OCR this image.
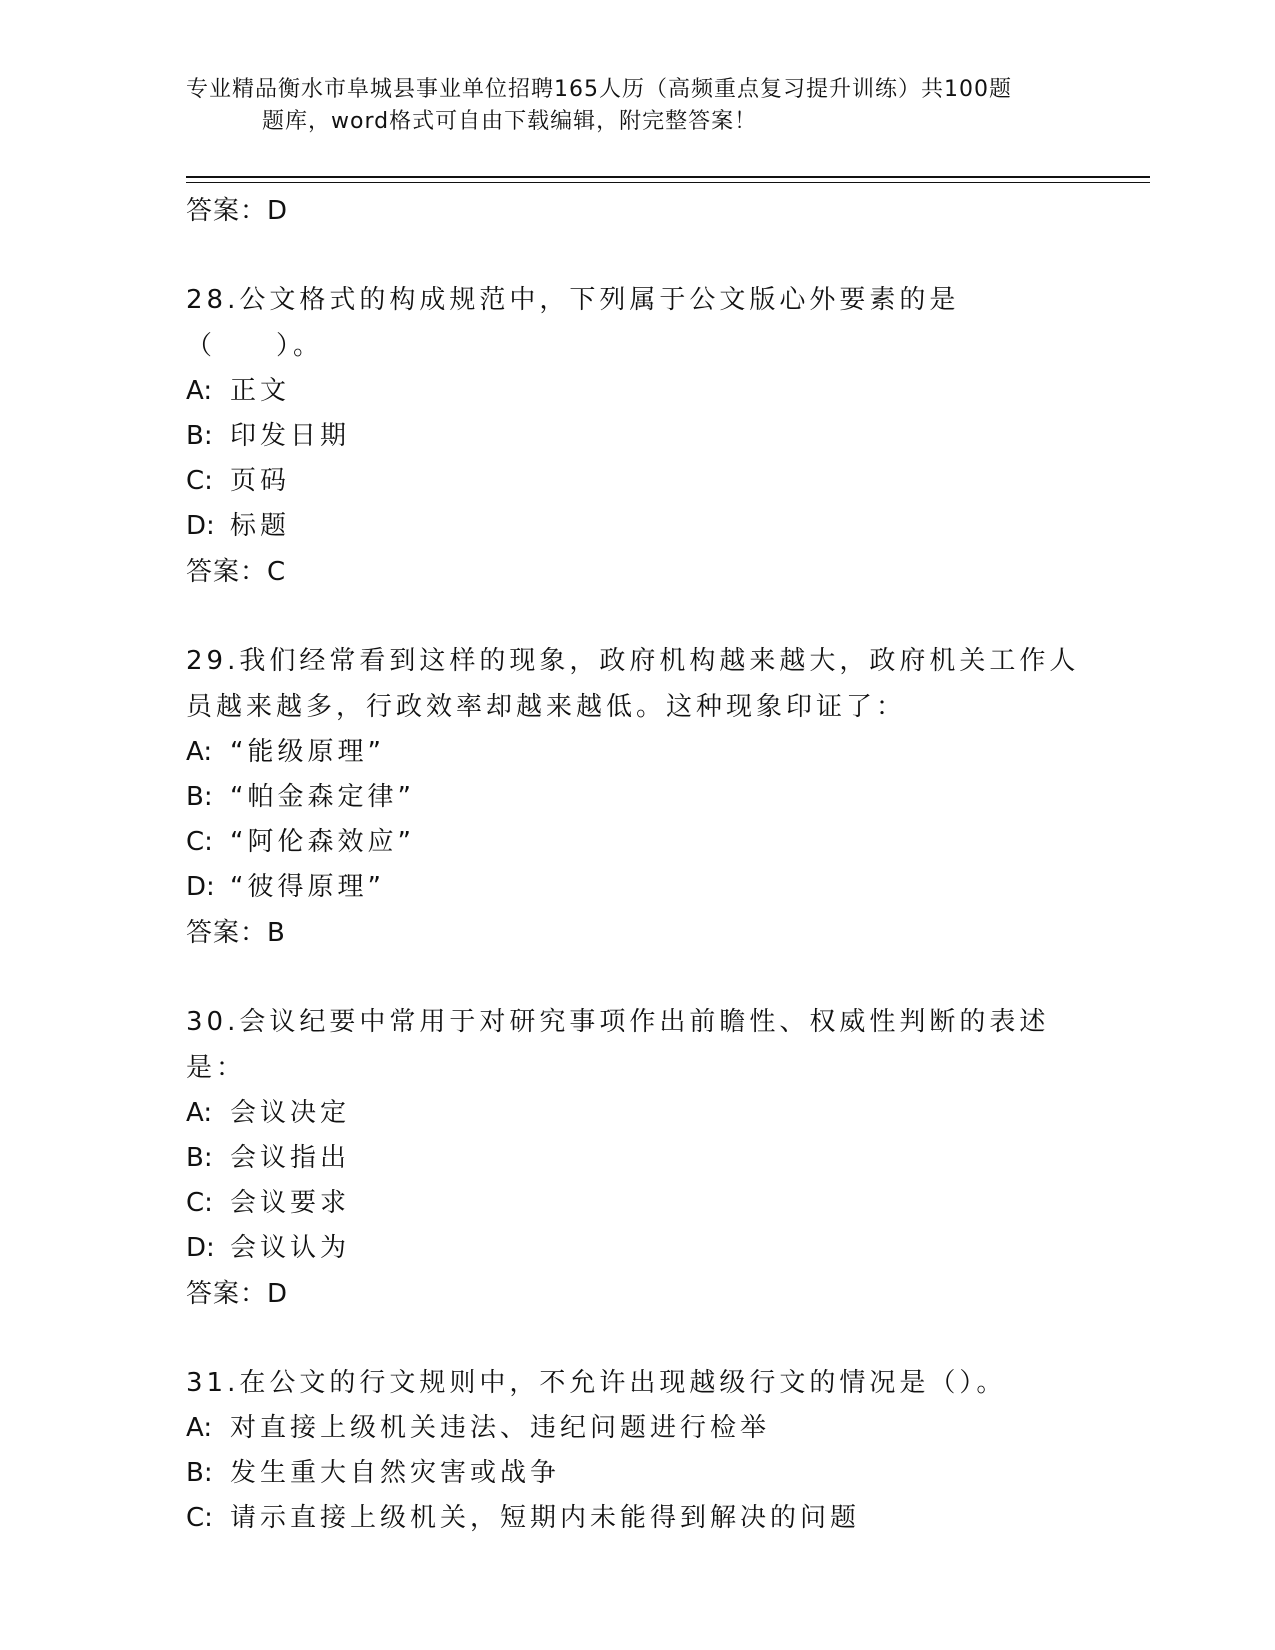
专业精品衡水市阜城县事业单位招聘165人历（高频重点复习提升训练）共100题
题库，word格式可自由下载编辑，附完整答案！
答案：D
28.公文格式的构成规范中，下列属于公文版心外要素的是（　　）。
A: 正文
B: 印发日期
C: 页码
D: 标题
答案：C
29.我们经常看到这样的现象，政府机构越来越大，政府机关工作人员越来越多，行政效率却越来越低。这种现象印证了：
A: “能级原理”
B: “帕金森定律”
C: “阿伦森效应”
D: “彼得原理”
答案：B
30.会议纪要中常用于对研究事项作出前瞻性、权威性判断的表述是：
A: 会议决定
B: 会议指出
C: 会议要求
D: 会议认为
答案：D
31.在公文的行文规则中，不允许出现越级行文的情况是（）。
A: 对直接上级机关违法、违纪问题进行检举
B: 发生重大自然灾害或战争
C: 请示直接上级机关，短期内未能得到解决的问题
